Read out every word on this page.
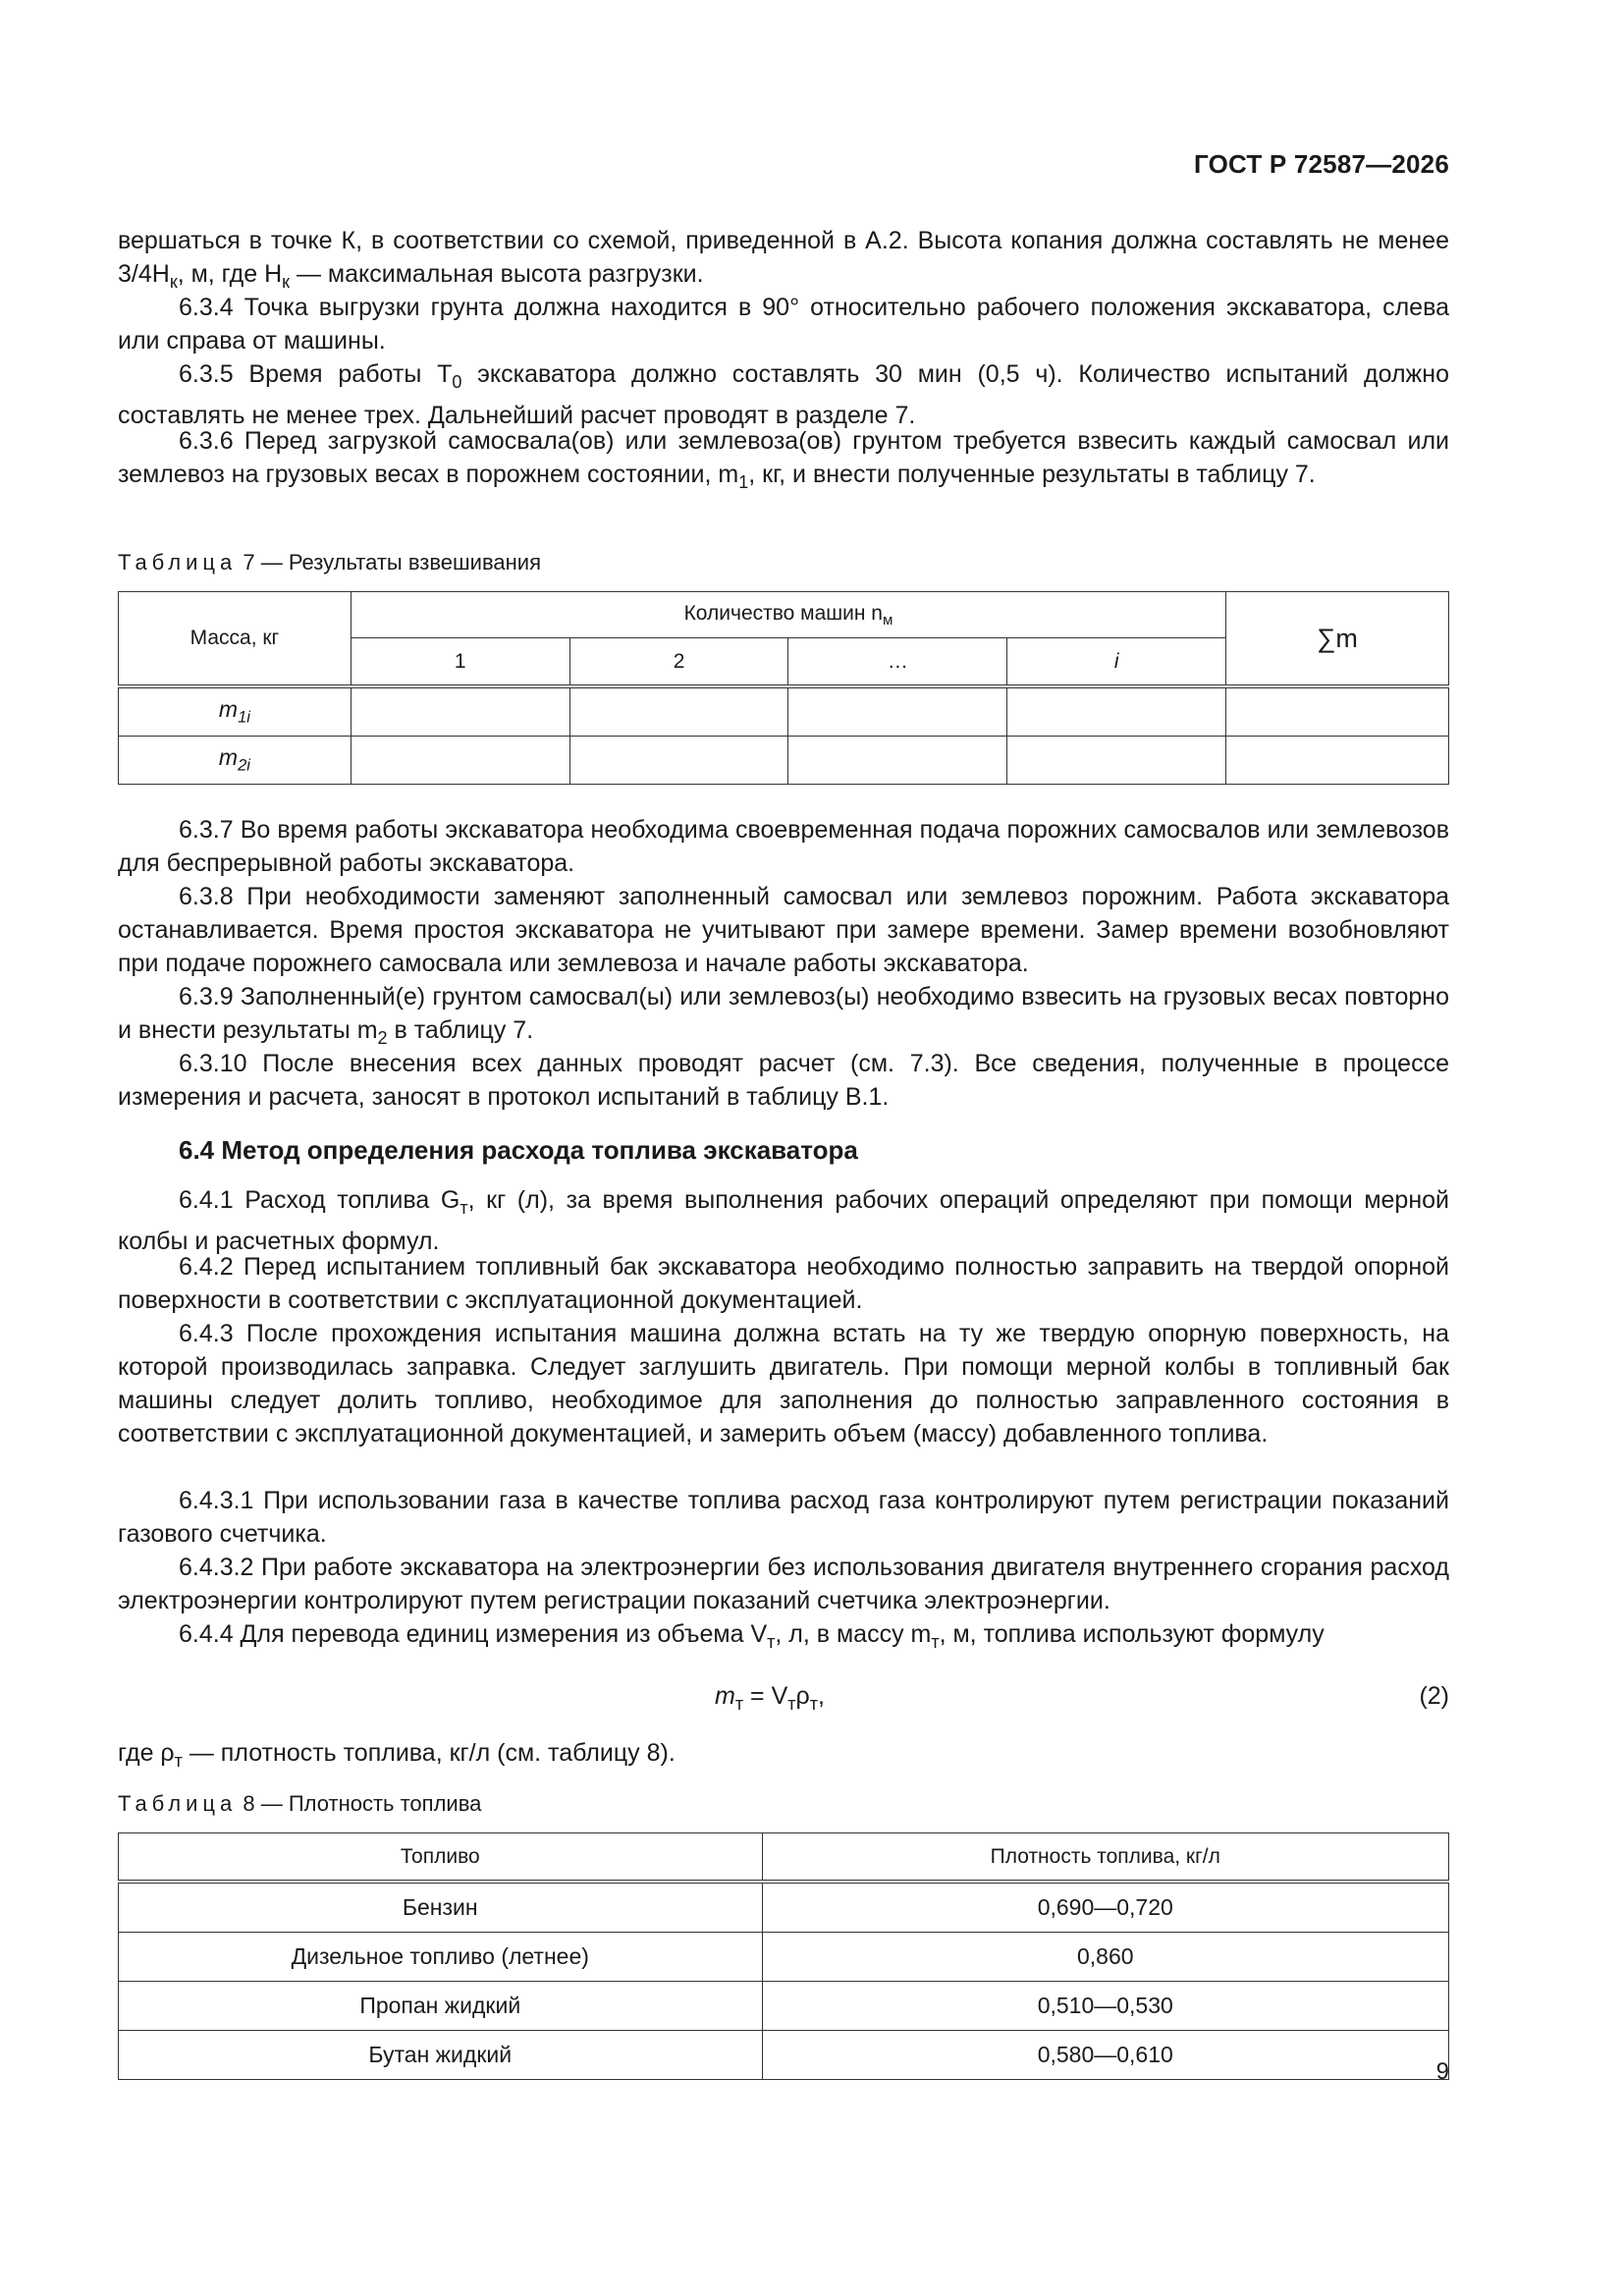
ГОСТ Р 72587—2026

вершаться в точке К, в соответствии со схемой, приведенной в А.2. Высота копания должна составлять не менее $3/4H_к$, м, где $H_к$ — максимальная высота разгрузки.

6.3.4 Точка выгрузки грунта должна находится в 90° относительно рабочего положения экскаватора, слева или справа от машины.

6.3.5 Время работы $T_0$ экскаватора должно составлять 30 мин (0,5 ч). Количество испытаний должно составлять не менее трех. Дальнейший расчет проводят в разделе 7.

6.3.6 Перед загрузкой самосвала(ов) или землевоза(ов) грунтом требуется взвесить каждый самосвал или землевоз на грузовых весах в порожнем состоянии, $m_1$, кг, и внести полученные результаты в таблицу 7.

Таблица 7 — Результаты взвешивания
Масса, кг	Количество машин $n_м$				∑m
	1	2	…	i	
$m_{1i}$					
$m_{2i}$					

6.3.7 Во время работы экскаватора необходима своевременная подача порожних самосвалов или землевозов для беспрерывной работы экскаватора.

6.3.8 При необходимости заменяют заполненный самосвал или землевоз порожним. Работа экскаватора останавливается. Время простоя экскаватора не учитывают при замере времени. Замер времени возобновляют при подаче порожнего самосвала или землевоза и начале работы экскаватора.

6.3.9 Заполненный(е) грунтом самосвал(ы) или землевоз(ы) необходимо взвесить на грузовых весах повторно и внести результаты $m_2$ в таблицу 7.

6.3.10 После внесения всех данных проводят расчет (см. 7.3). Все сведения, полученные в процессе измерения и расчета, заносят в протокол испытаний в таблицу В.1.

6.4 Метод определения расхода топлива экскаватора

6.4.1 Расход топлива $G_т$, кг (л), за время выполнения рабочих операций определяют при помощи мерной колбы и расчетных формул.

6.4.2 Перед испытанием топливный бак экскаватора необходимо полностью заправить на твердой опорной поверхности в соответствии с эксплуатационной документацией.

6.4.3 После прохождения испытания машина должна встать на ту же твердую опорную поверхность, на которой производилась заправка. Следует заглушить двигатель. При помощи мерной колбы в топливный бак машины следует долить топливо, необходимое для заполнения до полностью заправленного состояния в соответствии с эксплуатационной документацией, и замерить объем (массу) добавленного топлива.

6.4.3.1 При использовании газа в качестве топлива расход газа контролируют путем регистрации показаний газового счетчика.

6.4.3.2 При работе экскаватора на электроэнергии без использования двигателя внутреннего сгорания расход электроэнергии контролируют путем регистрации показаний счетчика электроэнергии.

6.4.4 Для перевода единиц измерения из объема $V_т$, л, в массу $m_т$, м, топлива используют формулу

$m_т = V_т\rho_т$,	(2)

где $\rho_т$ — плотность топлива, кг/л (см. таблицу 8).

Таблица 8 — Плотность топлива
Топливо	Плотность топлива, кг/л
Бензин	0,690—0,720
Дизельное топливо (летнее)	0,860
Пропан жидкий	0,510—0,530
Бутан жидкий	0,580—0,610
9
